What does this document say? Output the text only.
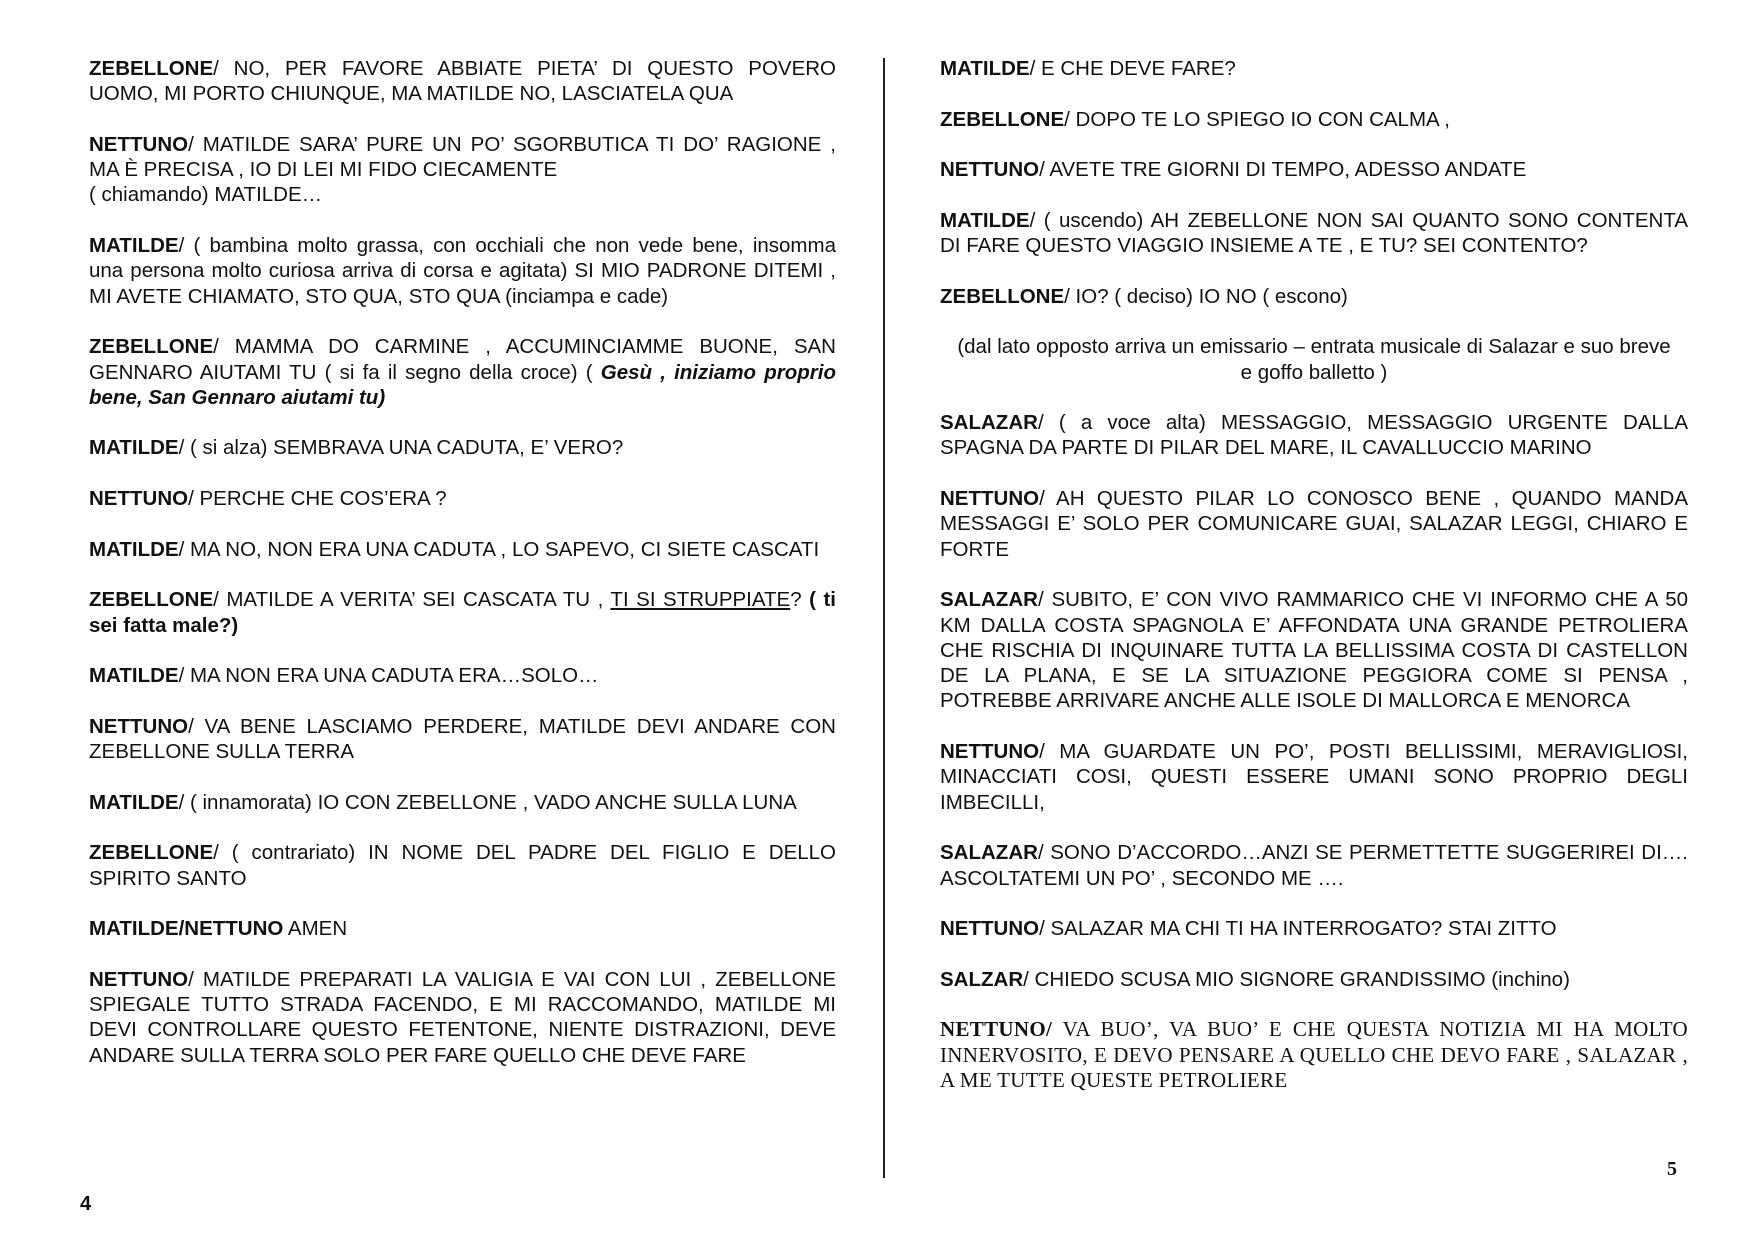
ZEBELLONE/ NO, PER FAVORE ABBIATE PIETA’ DI QUESTO POVERO UOMO, MI PORTO CHIUNQUE, MA MATILDE NO, LASCIATELA QUA

NETTUNO/ MATILDE SARA’ PURE UN PO’ SGORBUTICA TI DO’ RAGIONE , MA È PRECISA , IO DI LEI MI FIDO CIECAMENTE
( chiamando) MATILDE…

MATILDE/ ( bambina molto grassa, con occhiali che non vede bene, insomma una persona molto curiosa arriva di corsa e agitata) SI MIO PADRONE DITEMI , MI AVETE CHIAMATO, STO QUA, STO QUA (inciampa e cade)

ZEBELLONE/ MAMMA DO CARMINE , ACCUMINCIAMME BUONE, SAN GENNARO AIUTAMI TU ( si fa il segno della croce) ( Gesù , iniziamo proprio bene, San Gennaro aiutami tu)

MATILDE/ ( si alza) SEMBRAVA UNA CADUTA, E’ VERO?

NETTUNO/ PERCHE CHE COS’ERA ?

MATILDE/ MA NO, NON ERA UNA CADUTA , LO SAPEVO, CI SIETE CASCATI

ZEBELLONE/ MATILDE A VERITA’ SEI CASCATA TU , TI SI STRUPPIATE? ( ti sei fatta male?)

MATILDE/ MA NON ERA UNA CADUTA ERA…SOLO…

NETTUNO/ VA BENE LASCIAMO PERDERE, MATILDE DEVI ANDARE CON ZEBELLONE SULLA TERRA

MATILDE/ ( innamorata) IO CON ZEBELLONE , VADO ANCHE SULLA LUNA

ZEBELLONE/ ( contrariato) IN NOME DEL PADRE DEL FIGLIO E DELLO SPIRITO SANTO

MATILDE/NETTUNO AMEN

NETTUNO/ MATILDE PREPARATI LA VALIGIA E VAI CON LUI , ZEBELLONE SPIEGALE TUTTO STRADA FACENDO, E MI RACCOMANDO, MATILDE MI DEVI CONTROLLARE QUESTO FETENTONE, NIENTE DISTRAZIONI, DEVE ANDARE SULLA TERRA SOLO PER FARE QUELLO CHE DEVE FARE

MATILDE/ E CHE DEVE FARE?

ZEBELLONE/ DOPO TE LO SPIEGO IO CON CALMA ,

NETTUNO/ AVETE TRE GIORNI DI TEMPO, ADESSO ANDATE

MATILDE/ ( uscendo) AH ZEBELLONE NON SAI QUANTO SONO CONTENTA DI FARE QUESTO VIAGGIO INSIEME A TE , E TU? SEI CONTENTO?

ZEBELLONE/ IO? ( deciso) IO NO ( escono)

(dal lato opposto arriva un emissario – entrata musicale di Salazar e suo breve e goffo balletto )

SALAZAR/ ( a voce alta) MESSAGGIO, MESSAGGIO URGENTE DALLA SPAGNA DA PARTE DI PILAR DEL MARE, IL CAVALLUCCIO MARINO

NETTUNO/ AH QUESTO PILAR LO CONOSCO BENE , QUANDO MANDA MESSAGGI E’ SOLO PER COMUNICARE GUAI, SALAZAR LEGGI, CHIARO E FORTE

SALAZAR/ SUBITO, E’ CON VIVO RAMMARICO CHE VI INFORMO CHE A 50 KM DALLA COSTA SPAGNOLA E’ AFFONDATA UNA GRANDE PETROLIERA CHE RISCHIA DI INQUINARE TUTTA LA BELLISSIMA COSTA DI CASTELLON DE LA PLANA, E SE LA SITUAZIONE PEGGIORA COME SI PENSA , POTREBBE ARRIVARE ANCHE ALLE ISOLE DI MALLORCA E MENORCA

NETTUNO/ MA GUARDATE UN PO’, POSTI BELLISSIMI, MERAVIGLIOSI, MINACCIATI COSI, QUESTI ESSERE UMANI SONO PROPRIO DEGLI IMBECILLI,

SALAZAR/ SONO D’ACCORDO…ANZI SE PERMETTETTE SUGGERIREI DI…. ASCOLTATEMI UN PO’ , SECONDO ME ….

NETTUNO/ SALAZAR MA CHI TI HA INTERROGATO? STAI ZITTO

SALZAR/ CHIEDO SCUSA MIO SIGNORE GRANDISSIMO (inchino)

NETTUNO/ VA BUO’, VA BUO’ E CHE QUESTA NOTIZIA MI HA MOLTO INNERVOSITO, E DEVO PENSARE A QUELLO CHE DEVO FARE , SALAZAR , A ME TUTTE QUESTE PETROLIERE

4
5
